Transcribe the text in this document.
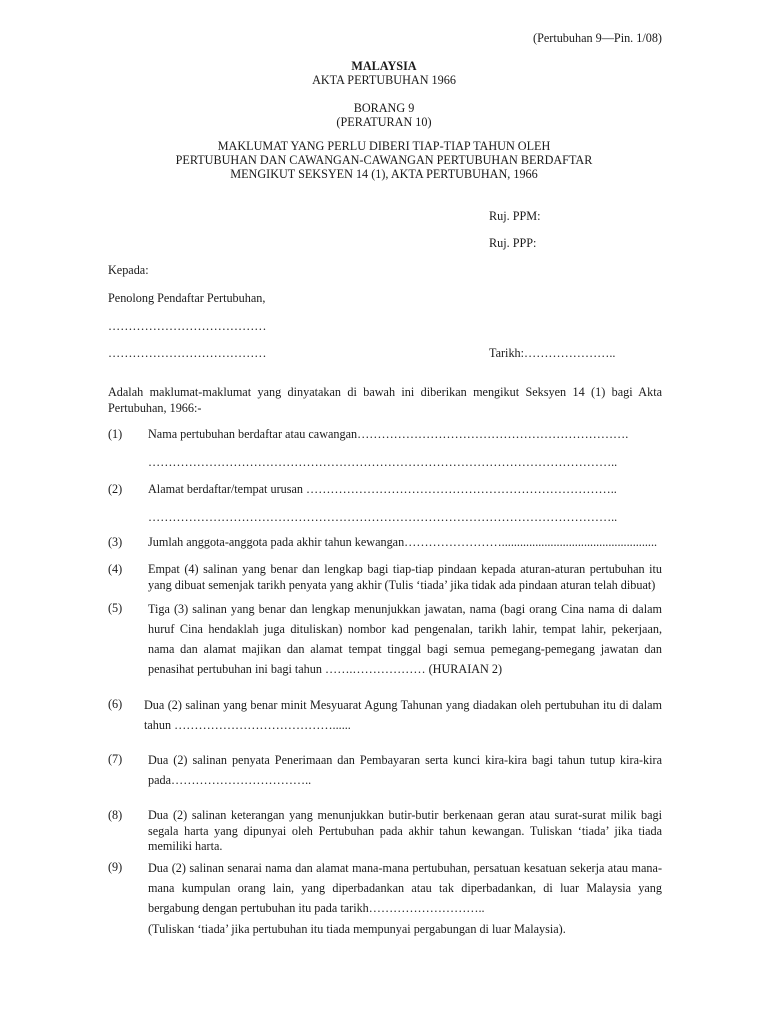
(Pertubuhan 9—Pin. 1/08)
MALAYSIA
AKTA PERTUBUHAN 1966
BORANG 9
(PERATURAN 10)
MAKLUMAT YANG PERLU DIBERI TIAP-TIAP TAHUN OLEH
PERTUBUHAN DAN CAWANGAN-CAWANGAN PERTUBUHAN BERDAFTAR
MENGIKUT SEKSYEN 14 (1), AKTA PERTUBUHAN, 1966
Ruj. PPM:
Ruj. PPP:
Kepada:
Penolong Pendaftar Pertubuhan,
…………………………………
…………………………………	Tarikh:…………………..
Adalah maklumat-maklumat yang dinyatakan di bawah ini diberikan mengikut Seksyen 14 (1) bagi Akta Pertubuhan, 1966:-
(1) Nama pertubuhan berdaftar atau cawangan………………………………………………………….
……………………………………………………………………………………………………..
(2) Alamat berdaftar/tempat urusan …………………………………………………………………..
……………………………………………………………………………………………………..
(3) Jumlah anggota-anggota pada akhir tahun kewangan……………………...................................................
(4) Empat (4) salinan yang benar dan lengkap bagi tiap-tiap pindaan kepada aturan-aturan pertubuhan itu yang dibuat semenjak tarikh penyata yang akhir (Tulis ‘tiada’ jika tidak ada pindaan aturan telah dibuat)
(5) Tiga (3) salinan yang benar dan lengkap menunjukkan jawatan, nama (bagi orang Cina nama di dalam huruf Cina hendaklah juga dituliskan) nombor kad pengenalan, tarikh lahir, tempat lahir, pekerjaan, nama dan alamat majikan dan alamat tempat tinggal bagi semua pemegang-pemegang jawatan dan penasihat pertubuhan ini bagi tahun …….……………… (HURAIAN 2)
(6) Dua (2) salinan yang benar minit Mesyuarat Agung Tahunan yang diadakan oleh pertubuhan itu di dalam tahun …………………………………......
(7) Dua (2) salinan penyata Penerimaan dan Pembayaran serta kunci kira-kira bagi tahun tutup kira-kira pada……………………………..
(8) Dua (2) salinan keterangan yang menunjukkan butir-butir berkenaan geran atau surat-surat milik bagi segala harta yang dipunyai oleh Pertubuhan pada akhir tahun kewangan. Tuliskan ‘tiada’ jika tiada memiliki harta.
(9) Dua (2) salinan senarai nama dan alamat mana-mana pertubuhan, persatuan kesatuan sekerja atau mana-mana kumpulan orang lain, yang diperbadankan atau tak diperbadankan, di luar Malaysia yang bergabung dengan pertubuhan itu pada tarikh………………………..
(Tuliskan ‘tiada’ jika pertubuhan itu tiada mempunyai pergabungan di luar Malaysia).
